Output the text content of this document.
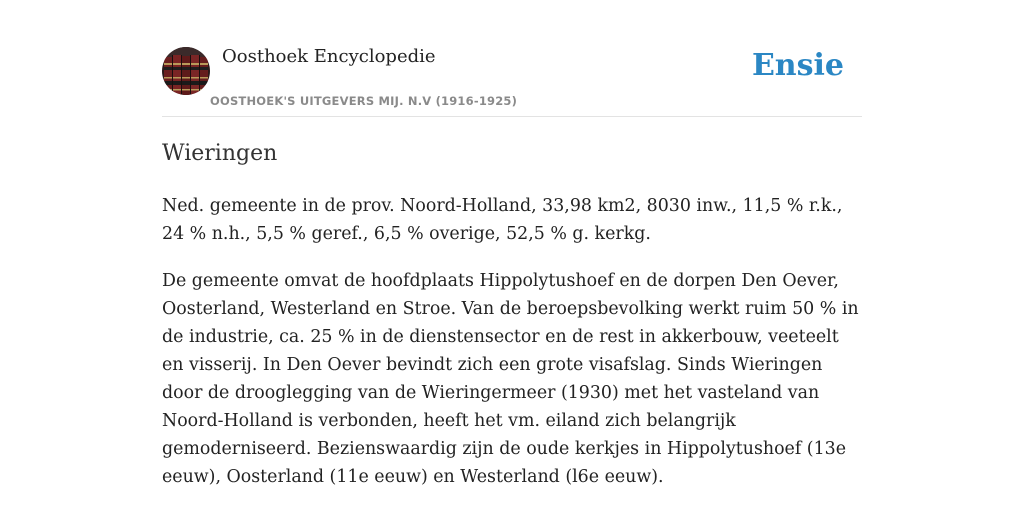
Oosthoek Encyclopedie
OOSTHOEK'S UITGEVERS MIJ. N.V (1916-1925)
Ensie
Wieringen

Ned. gemeente in de prov. Noord-Holland, 33,98 km2, 8030 inw., 11,5 % r.k., 24 % n.h., 5,5 % geref., 6,5 % overige, 52,5 % g. kerkg.

De gemeente omvat de hoofdplaats Hippolytushoef en de dorpen Den Oever, Oosterland, Westerland en Stroe. Van de beroepsbevolking werkt ruim 50 % in de industrie, ca. 25 % in de dienstensector en de rest in akkerbouw, veeteelt en visserij. In Den Oever bevindt zich een grote visafslag. Sinds Wieringen door de drooglegging van de Wieringermeer (1930) met het vasteland van Noord-Holland is verbonden, heeft het vm. eiland zich belangrijk gemoderniseerd. Bezienswaardig zijn de oude kerkjes in Hippolytushoef (13e eeuw), Oosterland (11e eeuw) en Westerland (l6e eeuw).
